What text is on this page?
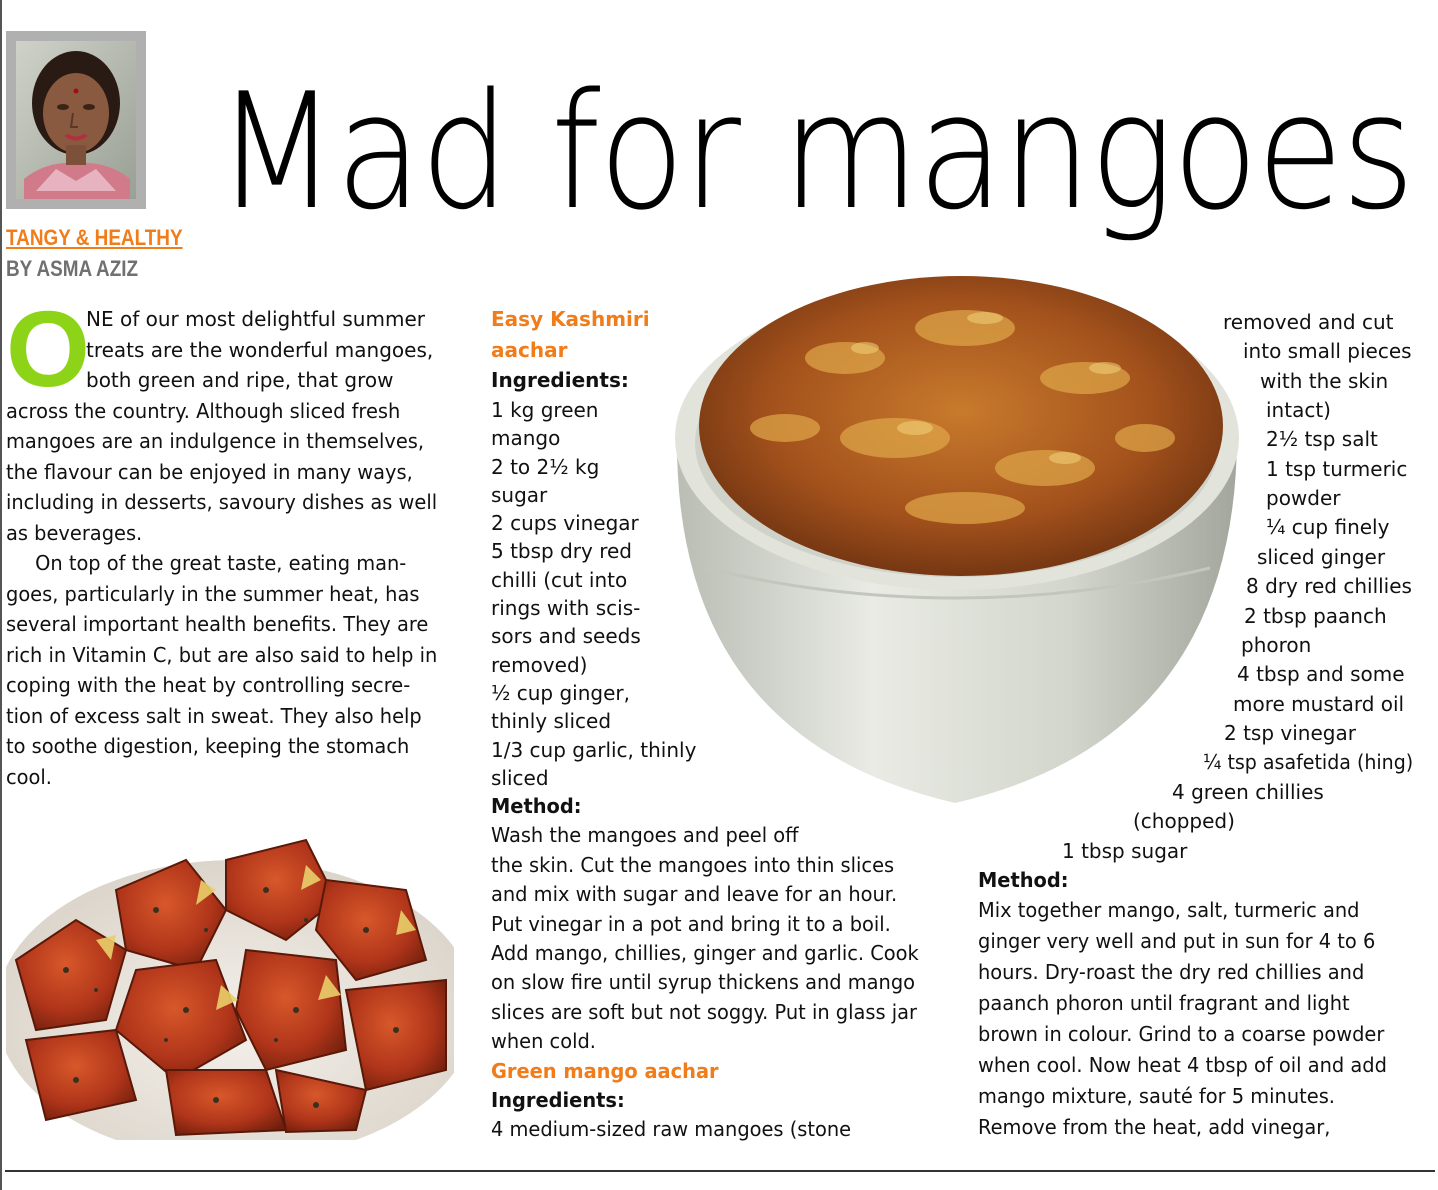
Mad for mangoes
TANGY & HEALTHY
BY ASMA AZIZ
O
NE of our most delightful summer
treats are the wonderful mangoes,
both green and ripe, that grow
across the country. Although sliced fresh
mangoes are an indulgence in themselves,
the flavour can be enjoyed in many ways,
including in desserts, savoury dishes as well
as beverages.
On top of the great taste, eating man-
goes, particularly in the summer heat, has
several important health benefits. They are
rich in Vitamin C, but are also said to help in
coping with the heat by controlling secre-
tion of excess salt in sweat. They also help
to soothe digestion, keeping the stomach
cool.
Easy Kashmiri
aachar
Ingredients:
1 kg green
mango
2 to 2½ kg
sugar
2 cups vinegar
5 tbsp dry red
chilli (cut into
rings with scis-
sors and seeds
removed)
½ cup ginger,
thinly sliced
1/3 cup garlic, thinly
sliced
Method:
Wash the mangoes and peel off
the skin. Cut the mangoes into thin slices
and mix with sugar and leave for an hour.
Put vinegar in a pot and bring it to a boil.
Add mango, chillies, ginger and garlic. Cook
on slow fire until syrup thickens and mango
slices are soft but not soggy. Put in glass jar
when cold.
Green mango aachar
Ingredients:
4 medium-sized raw mangoes (stone
removed and cut
into small pieces
with the skin
intact)
2½ tsp salt
1 tsp turmeric
powder
¼ cup finely
sliced ginger
8 dry red chillies
2 tbsp paanch
phoron
4 tbsp and some
more mustard oil
2 tsp vinegar
¼ tsp asafetida (hing)
4 green chillies
(chopped)
1 tbsp sugar
Method:
Mix together mango, salt, turmeric and
ginger very well and put in sun for 4 to 6
hours. Dry-roast the dry red chillies and
paanch phoron until fragrant and light
brown in colour. Grind to a coarse powder
when cool. Now heat 4 tbsp of oil and add
mango mixture, sauté for 5 minutes.
Remove from the heat, add vinegar,
